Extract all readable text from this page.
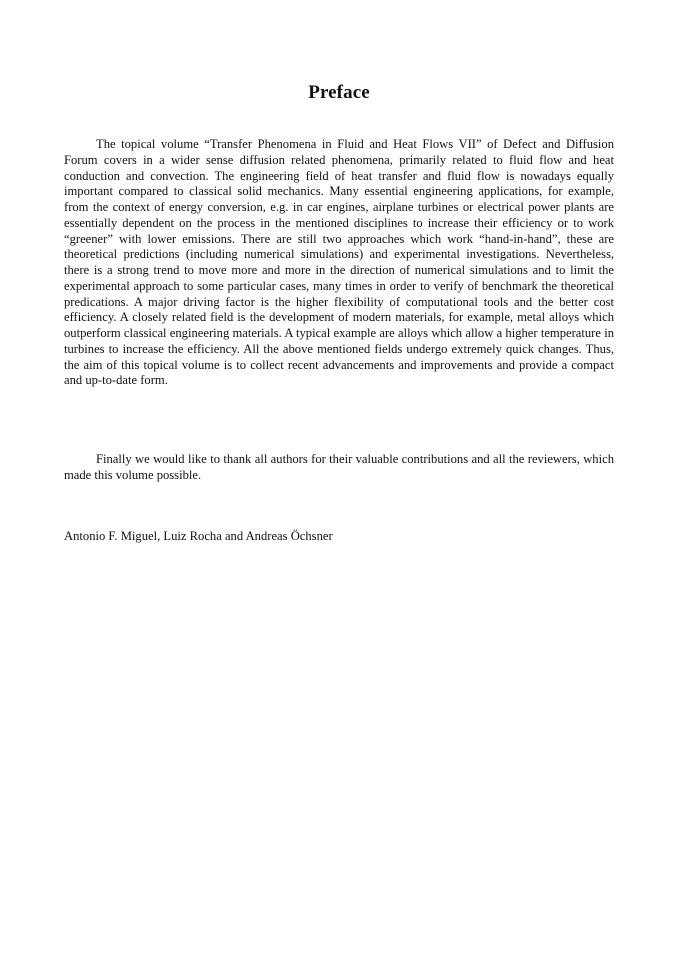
Preface

The topical volume “Transfer Phenomena in Fluid and Heat Flows VII” of Defect and Diffusion Forum covers in a wider sense diffusion related phenomena, primarily related to fluid flow and heat conduction and convection. The engineering field of heat transfer and fluid flow is nowadays equally important compared to classical solid mechanics. Many essential engineering applications, for example, from the context of energy conversion, e.g. in car engines, airplane turbines or electrical power plants are essentially dependent on the process in the mentioned disciplines to increase their efficiency or to work “greener” with lower emissions. There are still two approaches which work “hand-in-hand”, these are theoretical predictions (including numerical simulations) and experimental investigations. Nevertheless, there is a strong trend to move more and more in the direction of numerical simulations and to limit the experimental approach to some particular cases, many times in order to verify of benchmark the theoretical predications. A major driving factor is the higher flexibility of computational tools and the better cost efficiency. A closely related field is the development of modern materials, for example, metal alloys which outperform classical engineering materials. A typical example are alloys which allow a higher temperature in turbines to increase the efficiency. All the above mentioned fields undergo extremely quick changes. Thus, the aim of this topical volume is to collect recent advancements and improvements and provide a compact and up-to-date form.

Finally we would like to thank all authors for their valuable contributions and all the reviewers, which made this volume possible.

Antonio F. Miguel, Luiz Rocha and Andreas Öchsner
